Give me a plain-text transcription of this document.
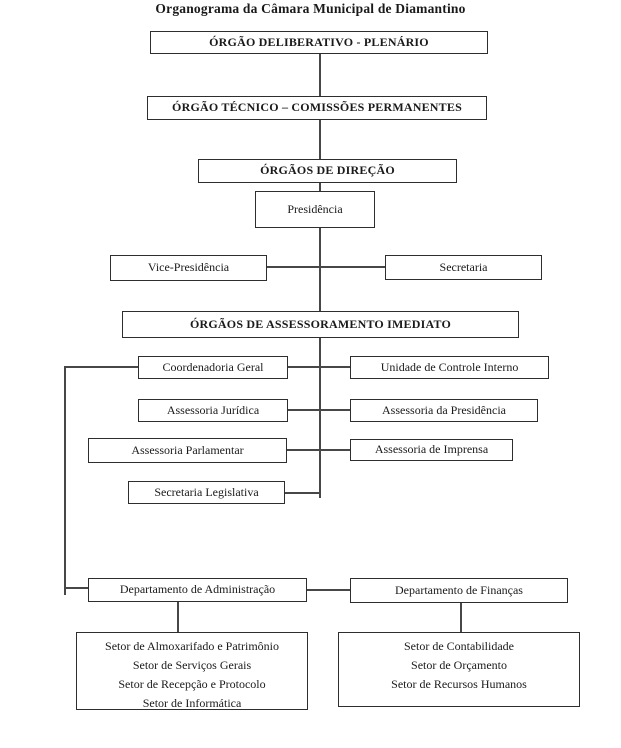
Organograma da Câmara Municipal de Diamantino
ÓRGÃO DELIBERATIVO - PLENÁRIO
ÓRGÃO TÉCNICO – COMISSÕES PERMANENTES
ÓRGÃOS DE DIREÇÃO
Presidência
Vice-Presidência	Secretaria
ÓRGÃOS DE ASSESSORAMENTO IMEDIATO
Coordenadoria Geral	Unidade de Controle Interno
Assessoria Jurídica	Assessoria da Presidência
Assessoria Parlamentar	Assessoria de Imprensa
Secretaria Legislativa
Departamento de Administração	Departamento de Finanças
Setor de Almoxarifado e Patrimônio
Setor de Serviços Gerais
Setor de Recepção e Protocolo
Setor de Informática
Setor de Contabilidade
Setor de Orçamento
Setor de Recursos Humanos
